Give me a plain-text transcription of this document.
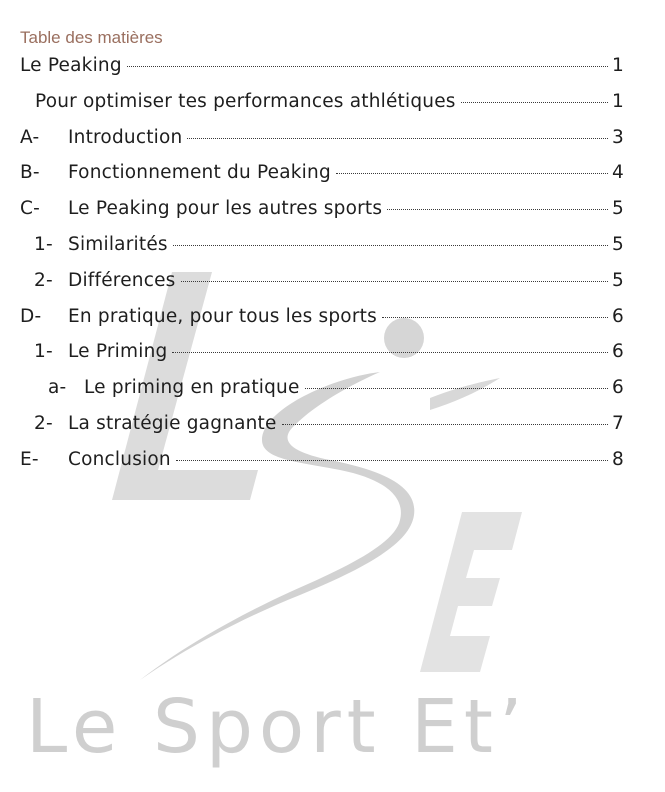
Le Sport Et’
Table des matières
Le Peaking	1
Pour optimiser tes performances athlétiques	1
A-	Introduction	3
B-	Fonctionnement du Peaking	4
C-	Le Peaking pour les autres sports	5
1- Similarités	5
2- Différences	5
D-	En pratique, pour tous les sports	6
1- Le Priming	6
a- Le priming en pratique	6
2- La stratégie gagnante	7
E-	Conclusion	8
